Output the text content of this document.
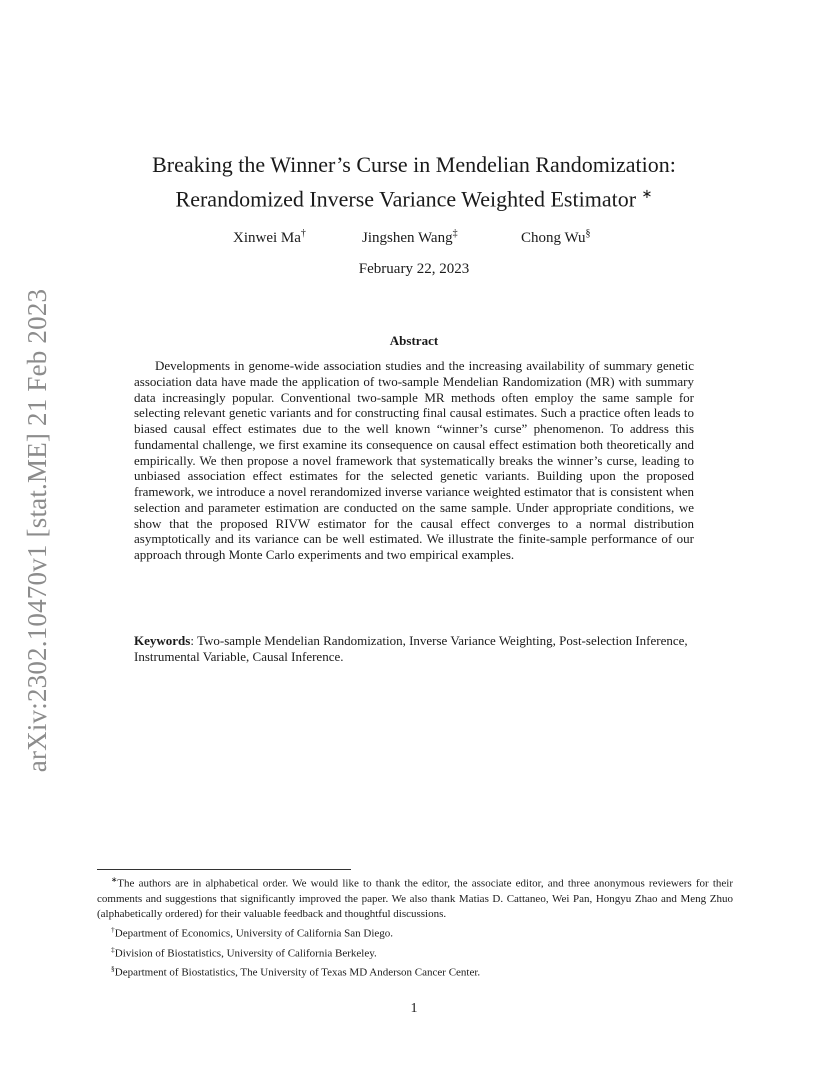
arXiv:2302.10470v1 [stat.ME] 21 Feb 2023
Breaking the Winner’s Curse in Mendelian Randomization:
Rerandomized Inverse Variance Weighted Estimator ∗
Xinwei Ma†	Jingshen Wang‡	Chong Wu§
February 22, 2023
Abstract

Developments in genome-wide association studies and the increasing availability of summary genetic association data have made the application of two-sample Mendelian Randomization (MR) with summary data increasingly popular. Conventional two-sample MR methods often employ the same sample for selecting relevant genetic variants and for constructing final causal estimates. Such a practice often leads to biased causal effect estimates due to the well known “winner’s curse” phenomenon. To address this fundamental challenge, we first examine its consequence on causal effect estimation both theoretically and empirically. We then propose a novel framework that systematically breaks the winner’s curse, leading to unbiased association effect estimates for the selected genetic variants. Building upon the proposed framework, we introduce a novel rerandomized inverse variance weighted estimator that is consistent when selection and parameter estimation are conducted on the same sample. Under appropriate conditions, we show that the proposed RIVW estimator for the causal effect converges to a normal distribution asymptotically and its variance can be well estimated. We illustrate the finite-sample performance of our approach through Monte Carlo experiments and two empirical examples.

Keywords: Two-sample Mendelian Randomization, Inverse Variance Weighting, Post-selection Inference, Instrumental Variable, Causal Inference.

∗The authors are in alphabetical order. We would like to thank the editor, the associate editor, and three anonymous reviewers for their comments and suggestions that significantly improved the paper. We also thank Matias D. Cattaneo, Wei Pan, Hongyu Zhao and Meng Zhuo (alphabetically ordered) for their valuable feedback and thoughtful discussions.

†Department of Economics, University of California San Diego.

‡Division of Biostatistics, University of California Berkeley.

§Department of Biostatistics, The University of Texas MD Anderson Cancer Center.

1
